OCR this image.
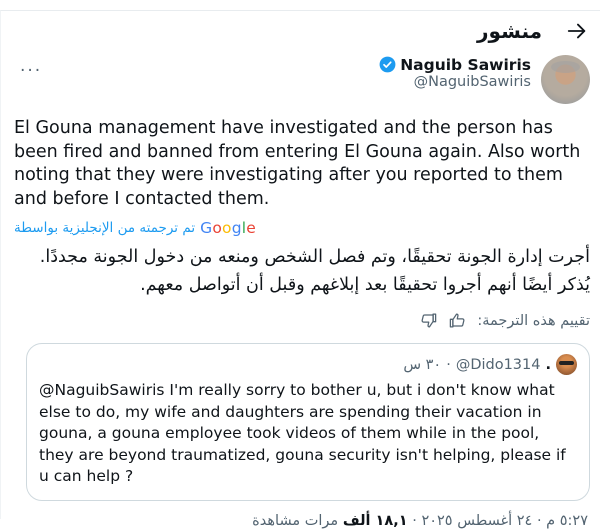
منشور
Naguib Sawiris
@NaguibSawiris
···
El Gouna management have investigated and the person has been fired and banned from entering El Gouna again. Also worth noting that they were investigating after you reported to them and before I contacted them.
تم ترجمته من الإنجليزية بواسطة Google
أجرت إدارة الجونة تحقيقًا، وتم فصل الشخص ومنعه من دخول الجونة مجددًا. يُذكر أيضًا أنهم أجروا تحقيقًا بعد إبلاغهم وقبل أن أتواصل معهم.
تقييم هذه الترجمة:
.
@Dido1314
·
٣٠ س
@NaguibSawiris I'm really sorry to bother u, but i don't know what else to do, my wife and daughters are spending their vacation in gouna, a gouna employee took videos of them while in the pool, they are beyond traumatized, gouna security isn't helping, please if u can help ?
٥:٢٧ م · ٢٤ أغسطس ٢٠٢٥ · ١٨,١ ألف مرات مشاهدة
